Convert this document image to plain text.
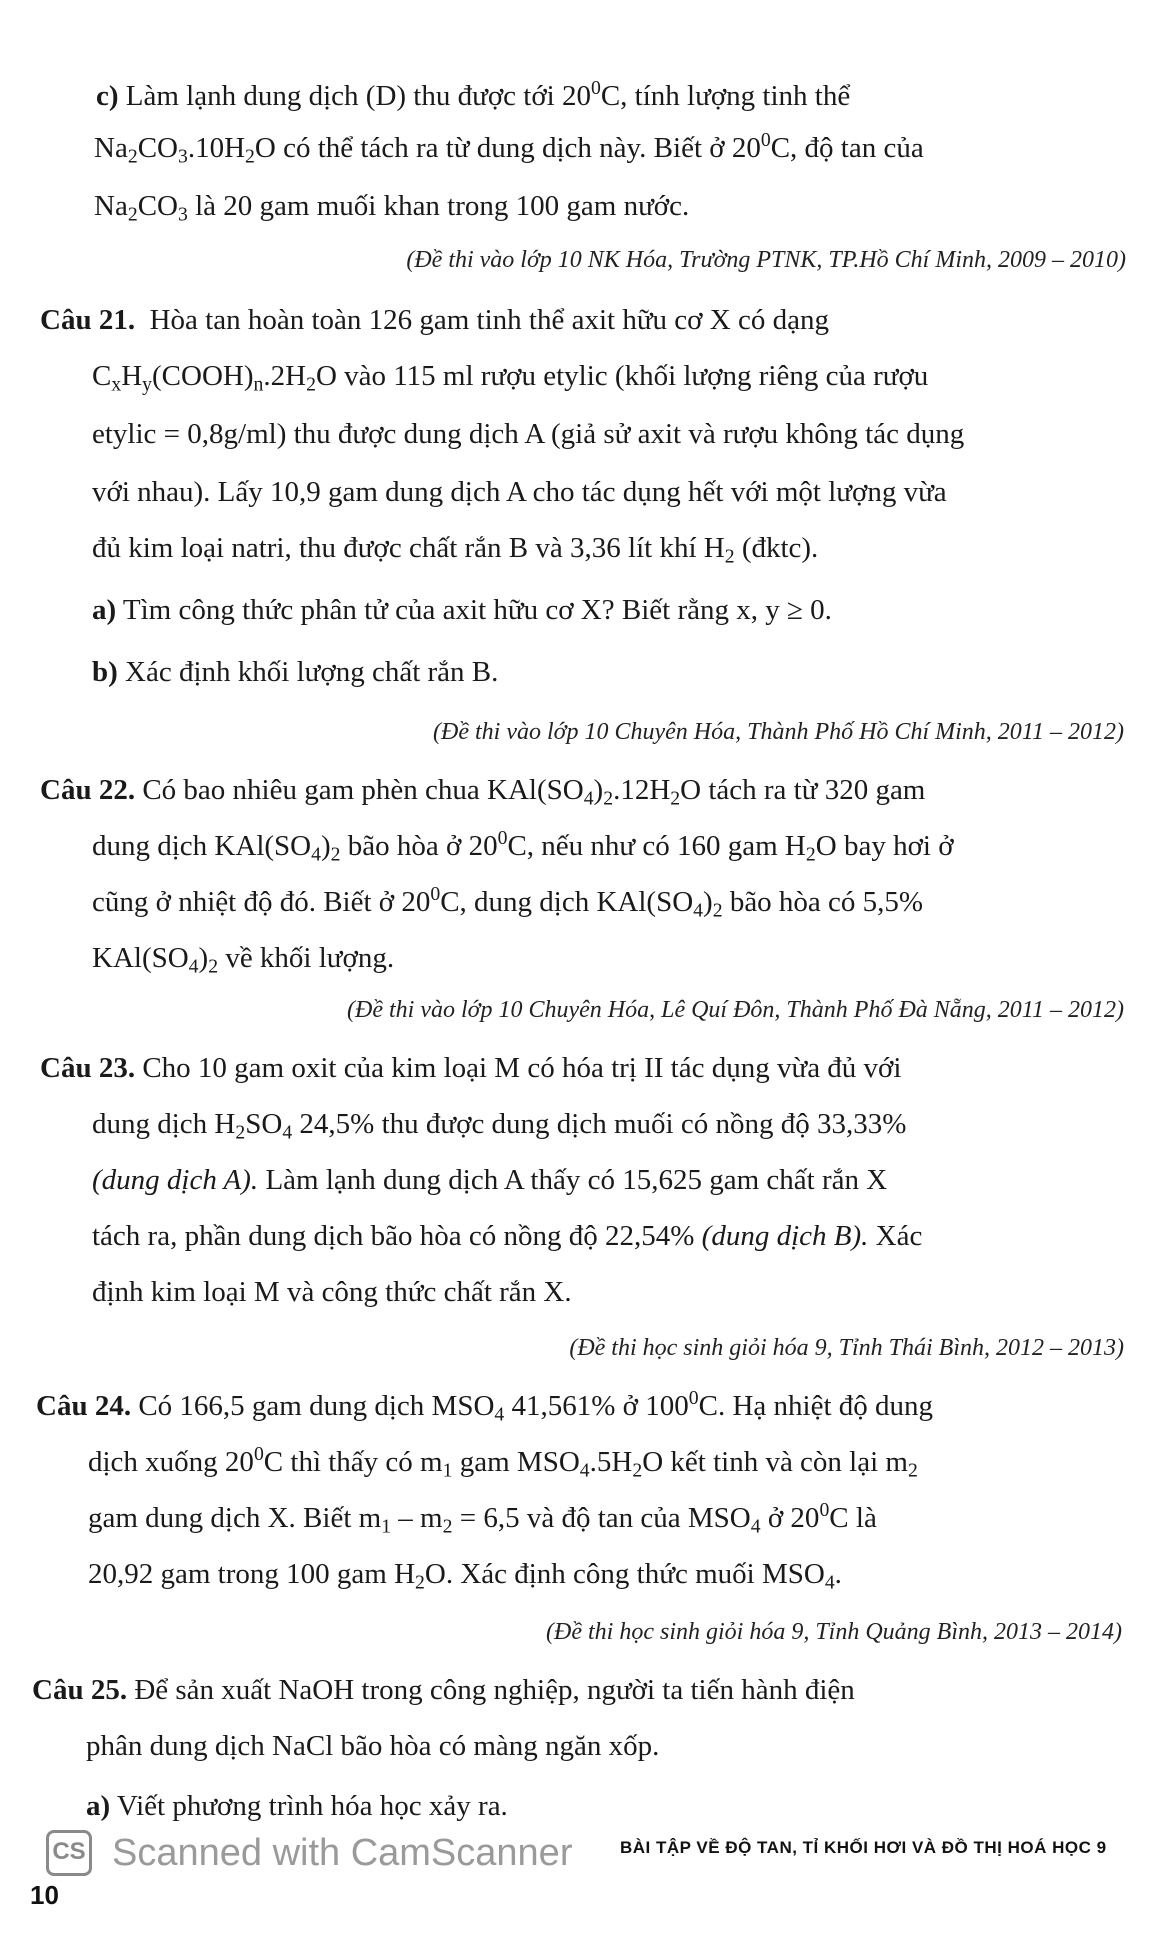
c) Làm lạnh dung dịch (D) thu được tới $20^0C$, tính lượng tinh thể

$Na_2CO_3.10H_2O$ có thể tách ra từ dung dịch này. Biết ở $20^0C$, độ tan của

$Na_2CO_3$ là 20 gam muối khan trong 100 gam nước.

(Đề thi vào lớp 10 NK Hóa, Trường PTNK, TP.Hồ Chí Minh, 2009 – 2010)

Câu 21. Hòa tan hoàn toàn 126 gam tinh thể axit hữu cơ X có dạng

$C_xH_y(COOH)_n.2H_2O$ vào 115 ml rượu etylic (khối lượng riêng của rượu

etylic = 0,8g/ml) thu được dung dịch A (giả sử axit và rượu không tác dụng

với nhau). Lấy 10,9 gam dung dịch A cho tác dụng hết với một lượng vừa

đủ kim loại natri, thu được chất rắn B và 3,36 lít khí $H_2$ (đktc).

a) Tìm công thức phân tử của axit hữu cơ X? Biết rằng x, y ≥ 0.

b) Xác định khối lượng chất rắn B.

(Đề thi vào lớp 10 Chuyên Hóa, Thành Phố Hồ Chí Minh, 2011 – 2012)

Câu 22. Có bao nhiêu gam phèn chua $KAl(SO_4)_2.12H_2O$ tách ra từ 320 gam

dung dịch $KAl(SO_4)_2$ bão hòa ở $20^0C$, nếu như có 160 gam $H_2O$ bay hơi ở

cũng ở nhiệt độ đó. Biết ở $20^0C$, dung dịch $KAl(SO_4)_2$ bão hòa có 5,5%

$KAl(SO_4)_2$ về khối lượng.

(Đề thi vào lớp 10 Chuyên Hóa, Lê Quí Đôn, Thành Phố Đà Nẵng, 2011 – 2012)

Câu 23. Cho 10 gam oxit của kim loại M có hóa trị II tác dụng vừa đủ với

dung dịch $H_2SO_4$ 24,5% thu được dung dịch muối có nồng độ 33,33%

(dung dịch A). Làm lạnh dung dịch A thấy có 15,625 gam chất rắn X

tách ra, phần dung dịch bão hòa có nồng độ 22,54% (dung dịch B). Xác

định kim loại M và công thức chất rắn X.

(Đề thi học sinh giỏi hóa 9, Tỉnh Thái Bình, 2012 – 2013)

Câu 24. Có 166,5 gam dung dịch $MSO_4$ 41,561% ở $100^0C$. Hạ nhiệt độ dung

dịch xuống $20^0C$ thì thấy có $m_1$ gam $MSO_4.5H_2O$ kết tinh và còn lại $m_2$

gam dung dịch X. Biết $m_1 - m_2 = 6,5$ và độ tan của $MSO_4$ ở $20^0C$ là

20,92 gam trong 100 gam $H_2O$. Xác định công thức muối $MSO_4$.

(Đề thi học sinh giỏi hóa 9, Tỉnh Quảng Bình, 2013 – 2014)

Câu 25. Để sản xuất NaOH trong công nghiệp, người ta tiến hành điện

phân dung dịch NaCl bão hòa có màng ngăn xốp.

a) Viết phương trình hóa học xảy ra.

CS Scanned with CamScanner	BÀI TẬP VỀ ĐỘ TAN, TỈ KHỐI HƠI VÀ ĐỒ THỊ HOÁ HỌC 9
10
